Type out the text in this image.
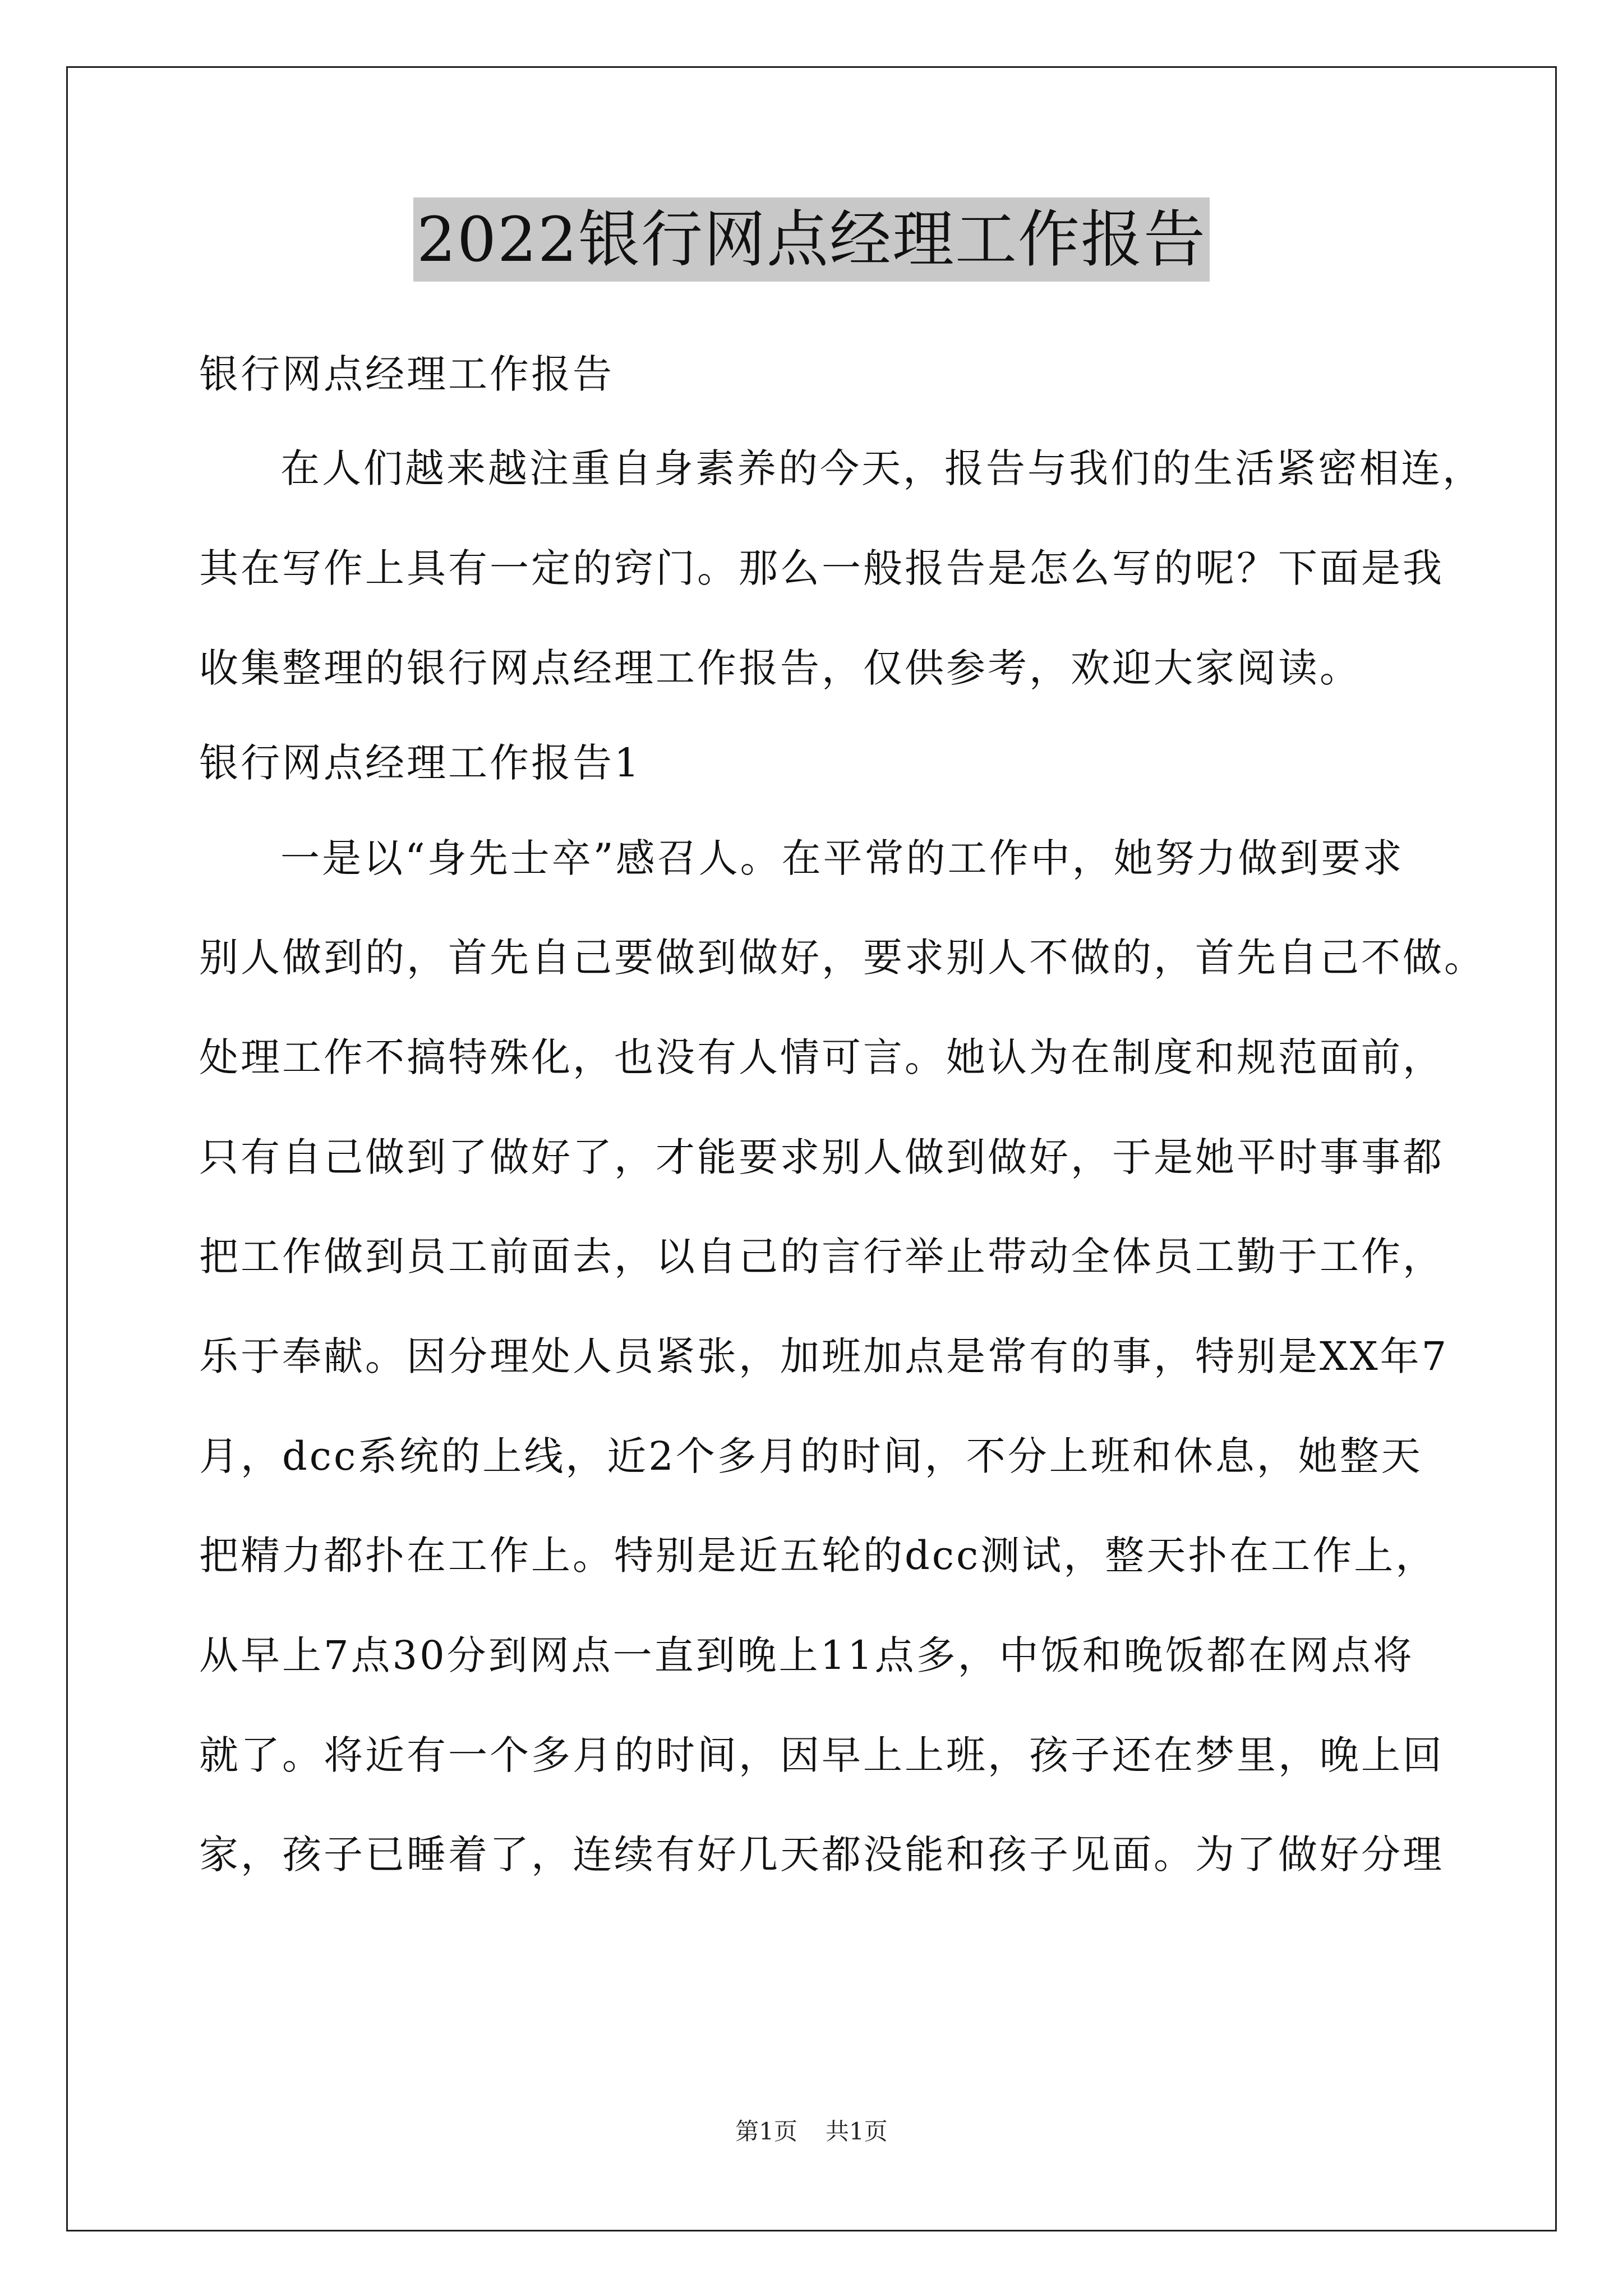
2022银行网点经理工作报告
银行网点经理工作报告
在人们越来越注重自身素养的今天，报告与我们的生活紧密相连，
其在写作上具有一定的窍门。那么一般报告是怎么写的呢？下面是我
收集整理的银行网点经理工作报告，仅供参考，欢迎大家阅读。
银行网点经理工作报告1
一是以“身先士卒”感召人。在平常的工作中，她努力做到要求
别人做到的，首先自己要做到做好，要求别人不做的，首先自己不做。
处理工作不搞特殊化，也没有人情可言。她认为在制度和规范面前，
只有自己做到了做好了，才能要求别人做到做好，于是她平时事事都
把工作做到员工前面去，以自己的言行举止带动全体员工勤于工作，
乐于奉献。因分理处人员紧张，加班加点是常有的事，特别是XX年7
月，dcc系统的上线，近2个多月的时间，不分上班和休息，她整天
把精力都扑在工作上。特别是近五轮的dcc测试，整天扑在工作上，
从早上7点30分到网点一直到晚上11点多，中饭和晚饭都在网点将
就了。将近有一个多月的时间，因早上上班，孩子还在梦里，晚上回
家，孩子已睡着了，连续有好几天都没能和孩子见面。为了做好分理
第1页 共1页
